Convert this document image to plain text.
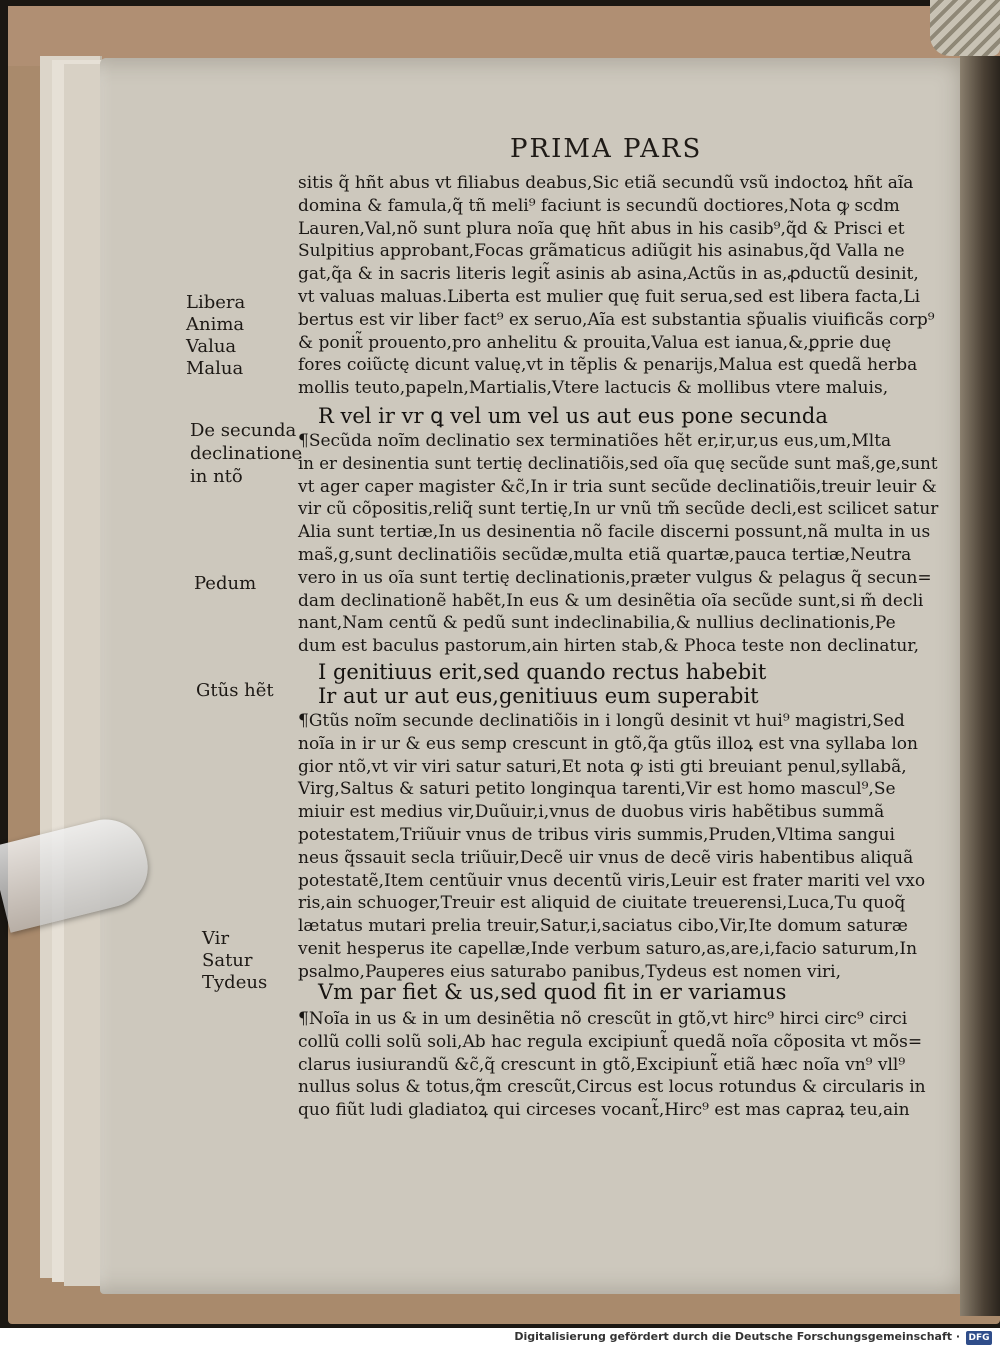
PRIMA PARS
Libera
Anima
Valua
Malua
De secunda
declinatione
in ntõ
Pedum
Gtũs hẽt
Vir
Satur
Tydeus
sitis q̃ hñt abus vt filiabus deabus,Sic etiã secundũ vsũ indoctoꝝ hñt aĩa
domina & famula,q̃ tñ meli⁹ faciunt is secundũ doctiores,Nota ꝙ scdm
Lauren,Val,nõ sunt plura noĩa quę hñt abus in his casib⁹,q̃d & Prisci et
Sulpitius approbant,Focas grãmaticus adiũgit his asinabus,q̃d Valla ne
gat,q̃a & in sacris literis legit̃ asinis ab asina,Actũs in as,ꝓductũ desinit,
vt valuas maluas.Liberta est mulier quę fuit serua,sed est libera facta,Li
bertus est vir liber fact⁹ ex seruo,Aĩa est substantia sp̃ualis viuificãs corp⁹
& ponit̃ prouento,pro anhelitu & prouita,Valua est ianua,&,ꝑprie duę
fores coiũctę dicunt valuę,vt in tẽplis & penarijs,Malua est quedã herba
mollis teuto,papeln,Martialis,Vtere lactucis & mollibus vtere maluis,
R vel ir vr ꝗ vel um vel us aut eus pone secunda
¶Secũda noĩm declinatio sex terminatiões hẽt er,ir,ur,us eus,um,Mlta
in er desinentia sunt tertię declinatiõis,sed oĩa quę secũde sunt mas̃,ge,sunt
vt ager caper magister &c̃,In ir tria sunt secũde declinatiõis,treuir leuir &
vir cũ cõpositis,reliq̃ sunt tertię,In ur vnũ tm̃ secũde decli,est scilicet satur
Alia sunt tertiæ,In us desinentia nõ facile discerni possunt,nã multa in us
mas̃,g,sunt declinatiõis secũdæ,multa etiã quartæ,pauca tertiæ,Neutra
vero in us oĩa sunt tertię declinationis,præter vulgus & pelagus q̃ secun=
dam declinationẽ habẽt,In eus & um desinẽtia oĩa secũde sunt,si m̃ decli
nant,Nam centũ & pedũ sunt indeclinabilia,& nullius declinationis,Pe
dum est baculus pastorum,ain hirten stab,& Phoca teste non declinatur,
I genitiuus erit,sed quando rectus habebit
Ir aut ur aut eus,genitiuus eum superabit
¶Gtũs noĩm secunde declinatiõis in i longũ desinit vt hui⁹ magistri,Sed
noĩa in ir ur & eus semp crescunt in gtõ,q̃a gtũs illoꝝ est vna syllaba lon
gior ntõ,vt vir viri satur saturi,Et nota ꝙ isti gti breuiant penul,syllabã,
Virg,Saltus & saturi petito longinqua tarenti,Vir est homo mascul⁹,Se
miuir est medius vir,Duũuir,i,vnus de duobus viris habẽtibus summã
potestatem,Triũuir vnus de tribus viris summis,Pruden,Vltima sangui
neus q̃ssauit secla triũuir,Decẽ uir vnus de decẽ viris habentibus aliquã
potestatẽ,Item centũuir vnus decentũ viris,Leuir est frater mariti vel vxo
ris,ain schuoger,Treuir est aliquid de ciuitate treuerensi,Luca,Tu quoq̃
lætatus mutari prelia treuir,Satur,i,saciatus cibo,Vir,Ite domum saturæ
venit hesperus ite capellæ,Inde verbum saturo,as,are,i,facio saturum,In
psalmo,Pauperes eius saturabo panibus,Tydeus est nomen viri,
Vm par fiet & us,sed quod fit in er variamus
¶Noĩa in us & in um desinẽtia nõ crescũt in gtõ,vt hirc⁹ hirci circ⁹ circi
collũ colli solũ soli,Ab hac regula excipiunt̃ quedã noĩa cõposita vt mõs=
clarus iusiurandũ &c̃,q̃ crescunt in gtõ,Excipiunt̃ etiã hæc noĩa vn⁹ vll⁹
nullus solus & totus,q̃m crescũt,Circus est locus rotundus & circularis in
quo fiũt ludi gladiatoꝝ qui circeses vocant̃,Hirc⁹ est mas capraꝝ teu,ain
Digitalisierung gefördert durch die Deutsche Forschungsgemeinschaft · DFG
